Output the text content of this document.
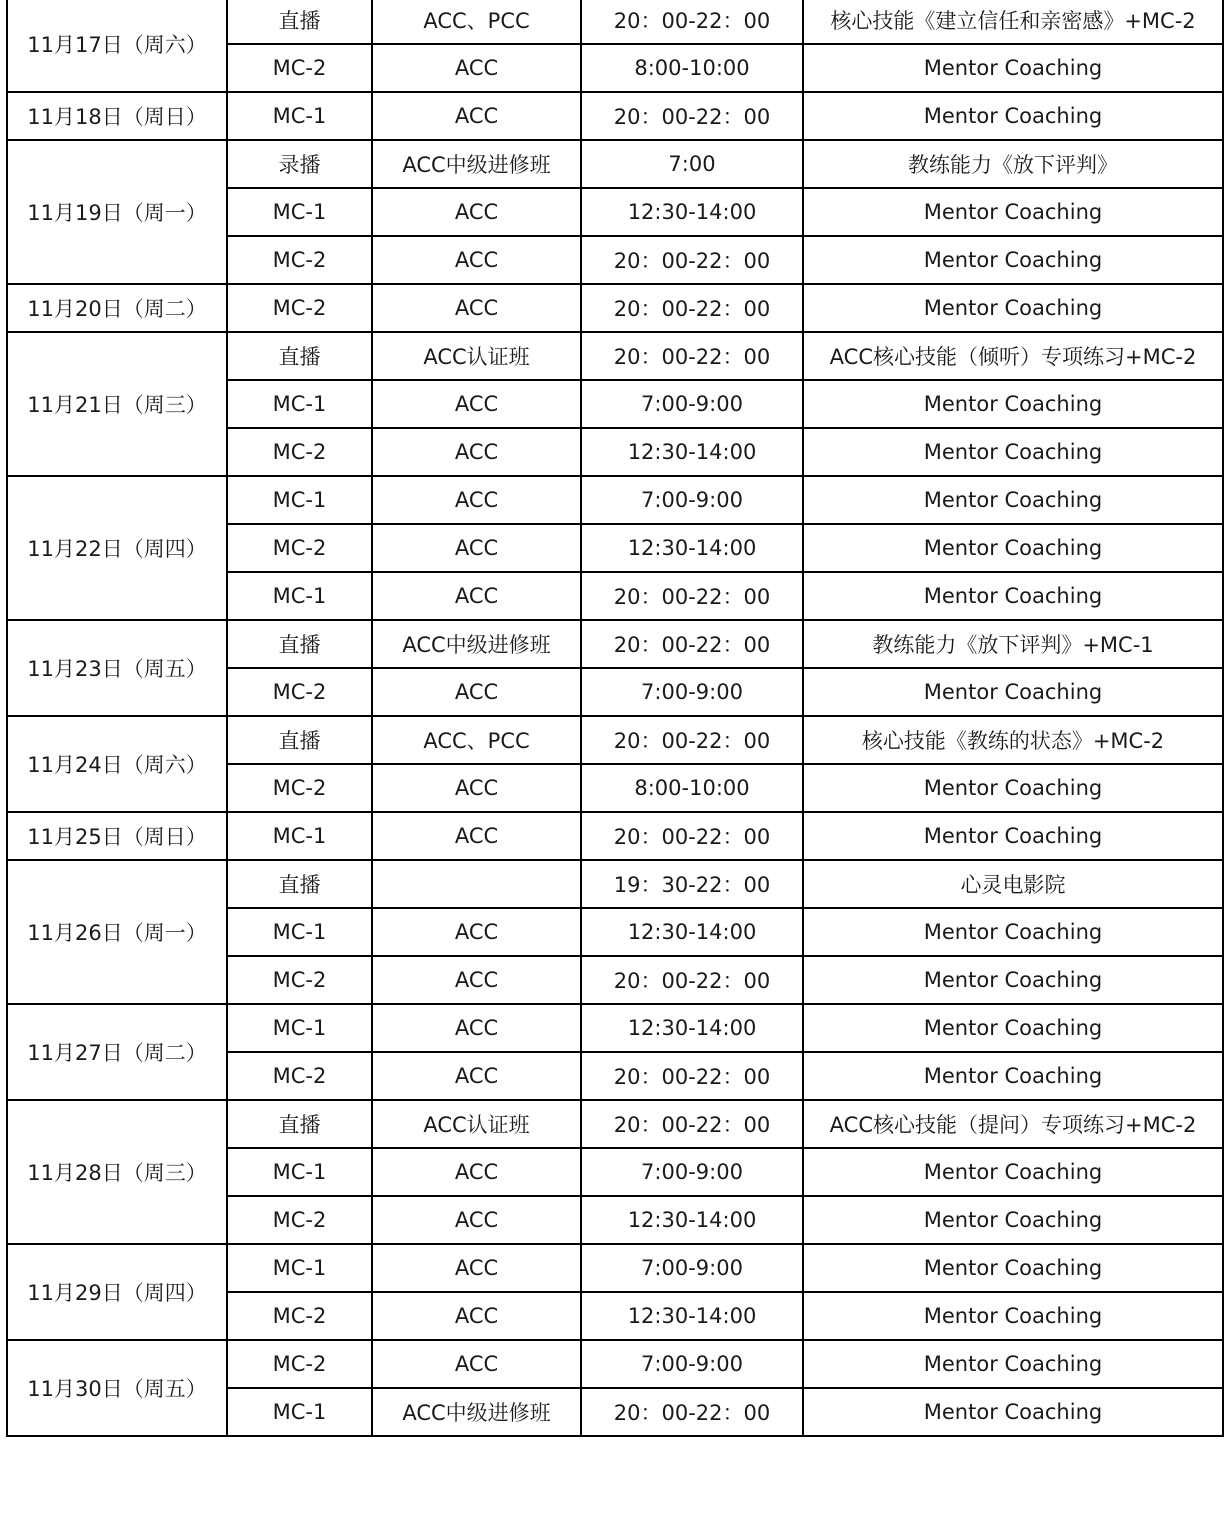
11月17日（周六）	直播	ACC、PCC	20：00-22：00	核心技能《建立信任和亲密感》+MC-2
	MC-2	ACC	8:00-10:00	Mentor Coaching
11月18日（周日）	MC-1	ACC	20：00-22：00	Mentor Coaching
11月19日（周一）	录播	ACC中级进修班	7:00	教练能力《放下评判》
	MC-1	ACC	12:30-14:00	Mentor Coaching
	MC-2	ACC	20：00-22：00	Mentor Coaching
11月20日（周二）	MC-2	ACC	20：00-22：00	Mentor Coaching
11月21日（周三）	直播	ACC认证班	20：00-22：00	ACC核心技能（倾听）专项练习+MC-2
	MC-1	ACC	7:00-9:00	Mentor Coaching
	MC-2	ACC	12:30-14:00	Mentor Coaching
11月22日（周四）	MC-1	ACC	7:00-9:00	Mentor Coaching
	MC-2	ACC	12:30-14:00	Mentor Coaching
	MC-1	ACC	20：00-22：00	Mentor Coaching
11月23日（周五）	直播	ACC中级进修班	20：00-22：00	教练能力《放下评判》+MC-1
	MC-2	ACC	7:00-9:00	Mentor Coaching
11月24日（周六）	直播	ACC、PCC	20：00-22：00	核心技能《教练的状态》+MC-2
	MC-2	ACC	8:00-10:00	Mentor Coaching
11月25日（周日）	MC-1	ACC	20：00-22：00	Mentor Coaching
11月26日（周一）	直播		19：30-22：00	心灵电影院
	MC-1	ACC	12:30-14:00	Mentor Coaching
	MC-2	ACC	20：00-22：00	Mentor Coaching
11月27日（周二）	MC-1	ACC	12:30-14:00	Mentor Coaching
	MC-2	ACC	20：00-22：00	Mentor Coaching
11月28日（周三）	直播	ACC认证班	20：00-22：00	ACC核心技能（提问）专项练习+MC-2
	MC-1	ACC	7:00-9:00	Mentor Coaching
	MC-2	ACC	12:30-14:00	Mentor Coaching
11月29日（周四）	MC-1	ACC	7:00-9:00	Mentor Coaching
	MC-2	ACC	12:30-14:00	Mentor Coaching
11月30日（周五）	MC-2	ACC	7:00-9:00	Mentor Coaching
	MC-1	ACC中级进修班	20：00-22：00	Mentor Coaching
